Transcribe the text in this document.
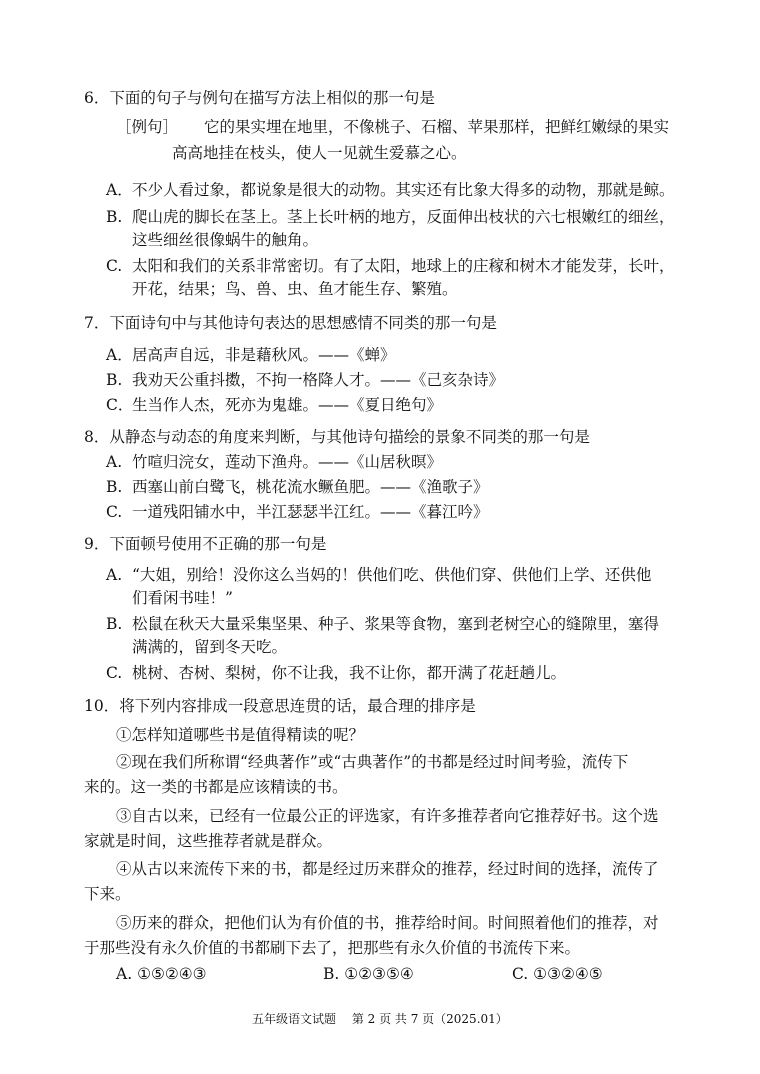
6．下面的句子与例句在描写方法上相似的那一句是
［例句］ 它的果实埋在地里，不像桃子、石榴、苹果那样，把鲜红嫩绿的果实
高高地挂在枝头，使人一见就生爱慕之心。
A． 不少人看过象，都说象是很大的动物。其实还有比象大得多的动物，那就是鲸。
B. 爬山虎的脚长在茎上。茎上长叶柄的地方，反面伸出枝状的六七根嫩红的细丝，
这些细丝很像蜗牛的触角。
C. 太阳和我们的关系非常密切。有了太阳，地球上的庄稼和树木才能发芽，长叶，
开花，结果；鸟、兽、虫、鱼才能生存、繁殖。
7．下面诗句中与其他诗句表达的思想感情不同类的那一句是
A． 居高声自远，非是藉秋风。——《蝉》
B. 我劝天公重抖擞，不拘一格降人才。——《己亥杂诗》
C．
生当作人杰，死亦为鬼雄。——《夏日绝句》
8．从静态与动态的角度来判断，与其他诗句描绘的景象不同类的那一句是
A. 竹喧归浣女，莲动下渔舟。——《山居秋暝》
B. 西塞山前白鹭飞，桃花流水鳜鱼肥。——《渔歌子》
C. 一道残阳铺水中，半江瑟瑟半江红。——《暮江吟》
9．下面顿号使用不正确的那一句是
A. “大姐，别给！没你这么当妈的！供他们吃、供他们穿、供他们上学、还供他
们看闲书哇！”
B. 松鼠在秋天大量采集坚果、种子、浆果等食物，塞到老树空心的缝隙里，塞得
满满的，留到冬天吃。
C. 桃树、杏树、梨树，你不让我，我不让你，都开满了花赶趟儿。
10．将下列内容排成一段意思连贯的话，最合理的排序是
①怎样知道哪些书是值得精读的呢？
②现在我们所称谓“经典著作”或“古典著作”的书都是经过时间考验，流传下
来的。这一类的书都是应该精读的书。
③自古以来，已经有一位最公正的评选家，有许多推荐者向它推荐好书。这个选
家就是时间，这些推荐者就是群众。
④从古以来流传下来的书，都是经过历来群众的推荐，经过时间的选择，流传了
下来。
⑤历来的群众，把他们认为有价值的书，推荐给时间。时间照着他们的推荐，对
于那些没有永久价值的书都刷下去了，把那些有永久价值的书流传下来。
A. ①⑤②④③	B. ①②③⑤④	C. ①③②④⑤
五年级语文试题　 第 2 页 共 7 页（2025.01）
